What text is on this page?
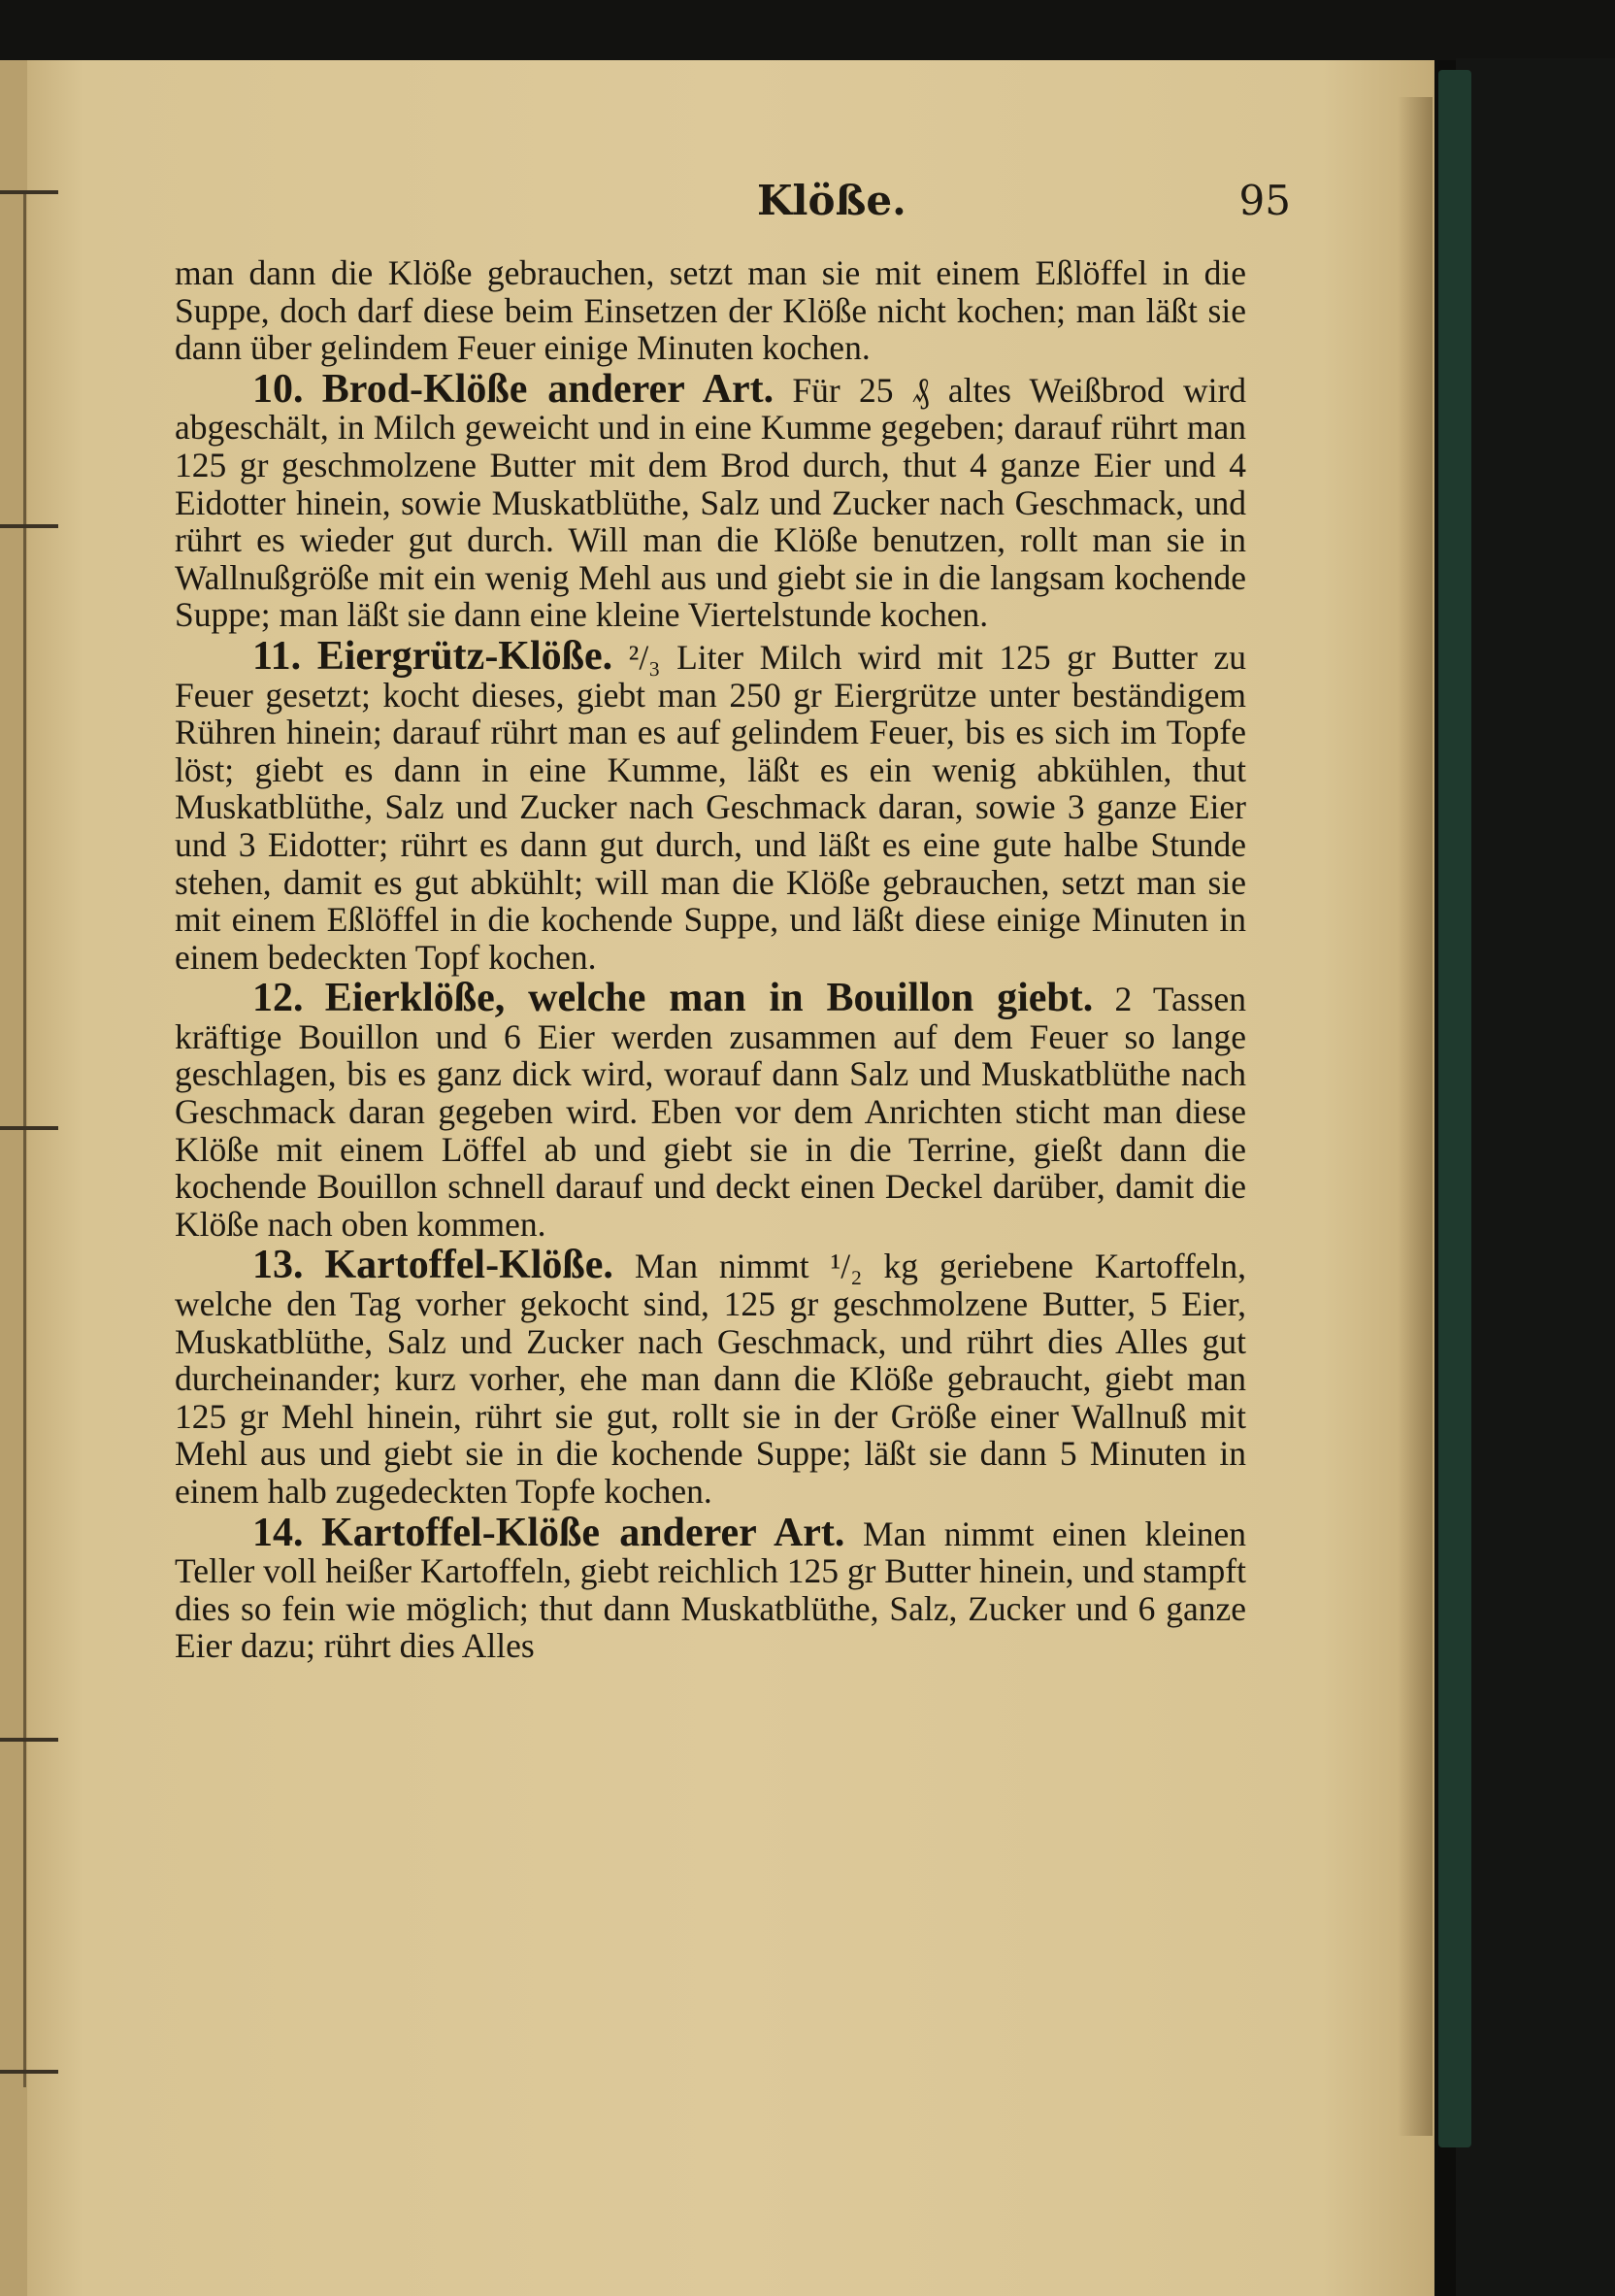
Klöße.	95

man dann die Klöße gebrauchen, setzt man sie mit einem Eßlöffel in die Suppe, doch darf diese beim Einsetzen der Klöße nicht kochen; man läßt sie dann über gelindem Feuer einige Minuten kochen.

10. Brod-Klöße anderer Art. Für 25 ₰ altes Weißbrod wird abgeschält, in Milch geweicht und in eine Kumme gegeben; darauf rührt man 125 gr geschmolzene Butter mit dem Brod durch, thut 4 ganze Eier und 4 Eidotter hinein, sowie Muskatblüthe, Salz und Zucker nach Geschmack, und rührt es wieder gut durch. Will man die Klöße benutzen, rollt man sie in Wallnußgröße mit ein wenig Mehl aus und giebt sie in die langsam kochende Suppe; man läßt sie dann eine kleine Viertelstunde kochen.

11. Eiergrütz-Klöße. ²/₃ Liter Milch wird mit 125 gr Butter zu Feuer gesetzt; kocht dieses, giebt man 250 gr Eiergrütze unter beständigem Rühren hinein; darauf rührt man es auf gelindem Feuer, bis es sich im Topfe löst; giebt es dann in eine Kumme, läßt es ein wenig abkühlen, thut Muskatblüthe, Salz und Zucker nach Geschmack daran, sowie 3 ganze Eier und 3 Eidotter; rührt es dann gut durch, und läßt es eine gute halbe Stunde stehen, damit es gut abkühlt; will man die Klöße gebrauchen, setzt man sie mit einem Eßlöffel in die kochende Suppe, und läßt diese einige Minuten in einem bedeckten Topf kochen.

12. Eierklöße, welche man in Bouillon giebt. 2 Tassen kräftige Bouillon und 6 Eier werden zusammen auf dem Feuer so lange geschlagen, bis es ganz dick wird, worauf dann Salz und Muskatblüthe nach Geschmack daran gegeben wird. Eben vor dem Anrichten sticht man diese Klöße mit einem Löffel ab und giebt sie in die Terrine, gießt dann die kochende Bouillon schnell darauf und deckt einen Deckel darüber, damit die Klöße nach oben kommen.

13. Kartoffel-Klöße. Man nimmt ¹/₂ kg geriebene Kartoffeln, welche den Tag vorher gekocht sind, 125 gr geschmolzene Butter, 5 Eier, Muskatblüthe, Salz und Zucker nach Geschmack, und rührt dies Alles gut durcheinander; kurz vorher, ehe man dann die Klöße gebraucht, giebt man 125 gr Mehl hinein, rührt sie gut, rollt sie in der Größe einer Wallnuß mit Mehl aus und giebt sie in die kochende Suppe; läßt sie dann 5 Minuten in einem halb zugedeckten Topfe kochen.

14. Kartoffel-Klöße anderer Art. Man nimmt einen kleinen Teller voll heißer Kartoffeln, giebt reichlich 125 gr Butter hinein, und stampft dies so fein wie möglich; thut dann Muskatblüthe, Salz, Zucker und 6 ganze Eier dazu; rührt dies Alles
